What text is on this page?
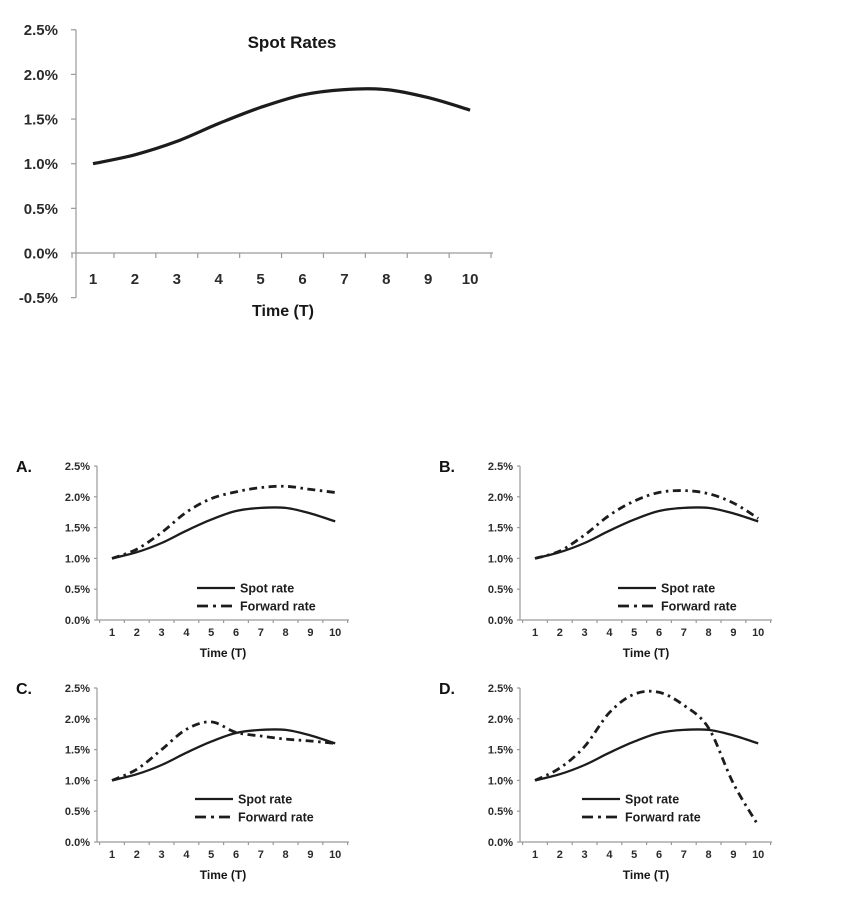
2.5%
2.0%
1.5%
1.0%
0.5%
0.0%
-0.5%
1 2 3 4 5 6 7 8 9 10
Spot Rates
Time (T)
A.	2.5%
2.0%
1.5%
1.0%
0.5%
0.0%
1 2 3 4 5 6 7 8 9 10
Time (T)
Spot rate
Forward rate
B.	2.5%
2.0%
1.5%
1.0%
0.5%
0.0%
1 2 3 4 5 6 7 8 9 10
Time (T)
Spot rate
Forward rate
C.	2.5%
2.0%
1.5%
1.0%
0.5%
0.0%
1 2 3 4 5 6 7 8 9 10
Time (T)
Spot rate
Forward rate
D.	2.5%
2.0%
1.5%
1.0%
0.5%
0.0%
1 2 3 4 5 6 7 8 9 10
Time (T)
Spot rate
Forward rate
